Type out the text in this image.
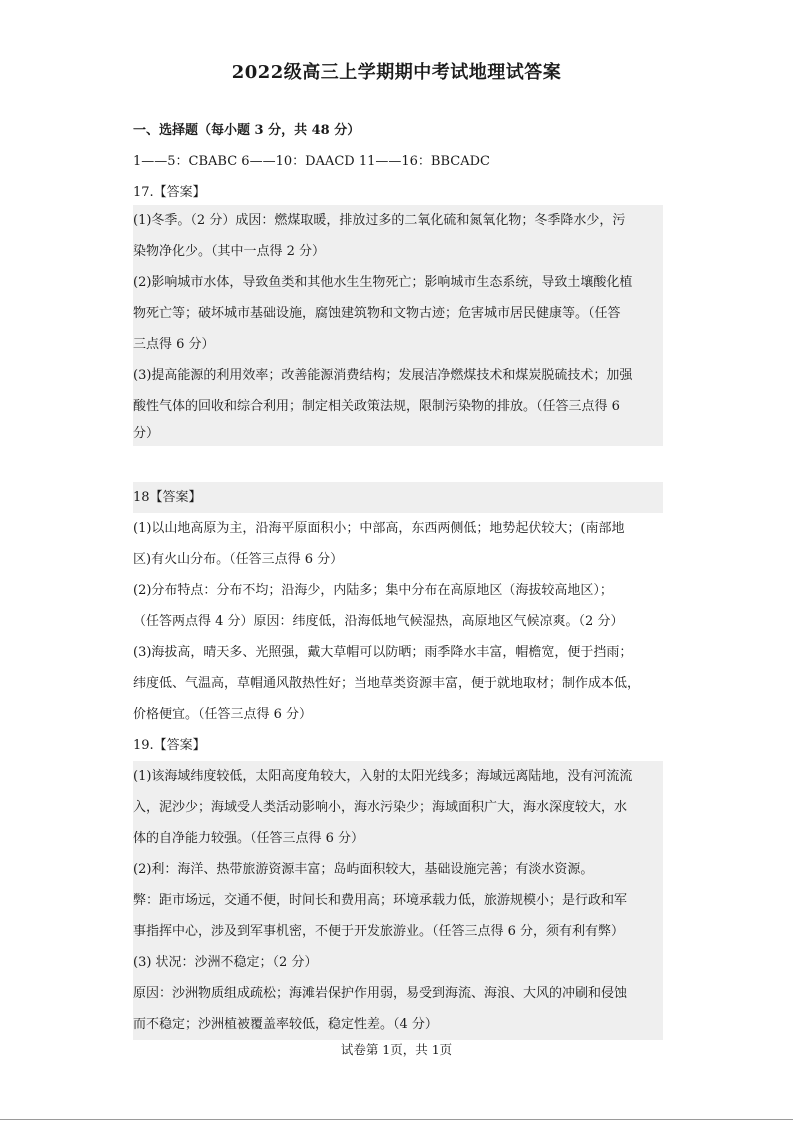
2022级高三上学期期中考试地理试答案
一、选择题（每小题 3 分，共 48 分）
1——5：CBABC 6——10：DAACD 11——16：BBCADC
17.【答案】
(1)冬季。（2 分）成因：燃煤取暖，排放过多的二氧化硫和氮氧化物；冬季降水少，污
染物净化少。（其中一点得 2 分）
(2)影响城市水体，导致鱼类和其他水生生物死亡；影响城市生态系统，导致土壤酸化植
物死亡等；破坏城市基础设施，腐蚀建筑物和文物古迹；危害城市居民健康等。（任答
三点得 6 分）
(3)提高能源的利用效率；改善能源消费结构；发展洁净燃煤技术和煤炭脱硫技术；加强
酸性气体的回收和综合利用；制定相关政策法规，限制污染物的排放。（任答三点得 6
分）
18【答案】
(1)以山地高原为主，沿海平原面积小；中部高，东西两侧低；地势起伏较大；(南部地
区)有火山分布。（任答三点得 6 分）
(2)分布特点：分布不均；沿海少，内陆多；集中分布在高原地区（海拔较高地区）；
（任答两点得 4 分）原因：纬度低，沿海低地气候湿热，高原地区气候凉爽。（2 分）
(3)海拔高，晴天多、光照强，戴大草帽可以防晒；雨季降水丰富，帽檐宽，便于挡雨；
纬度低、气温高，草帽通风散热性好；当地草类资源丰富，便于就地取材；制作成本低，
价格便宜。（任答三点得 6 分）
19.【答案】
(1)该海域纬度较低，太阳高度角较大，入射的太阳光线多；海域远离陆地，没有河流流
入，泥沙少；海域受人类活动影响小，海水污染少；海域面积广大，海水深度较大，水
体的自净能力较强。（任答三点得 6 分）
(2)利：海洋、热带旅游资源丰富；岛屿面积较大，基础设施完善；有淡水资源。
弊：距市场远，交通不便，时间长和费用高；环境承载力低，旅游规模小；是行政和军
事指挥中心，涉及到军事机密，不便于开发旅游业。（任答三点得 6 分，须有利有弊）
(3) 状况：沙洲不稳定；（2 分）
原因：沙洲物质组成疏松；海滩岩保护作用弱，易受到海流、海浪、大风的冲刷和侵蚀
而不稳定；沙洲植被覆盖率较低，稳定性差。（4 分）
试卷第 1页，共 1页
